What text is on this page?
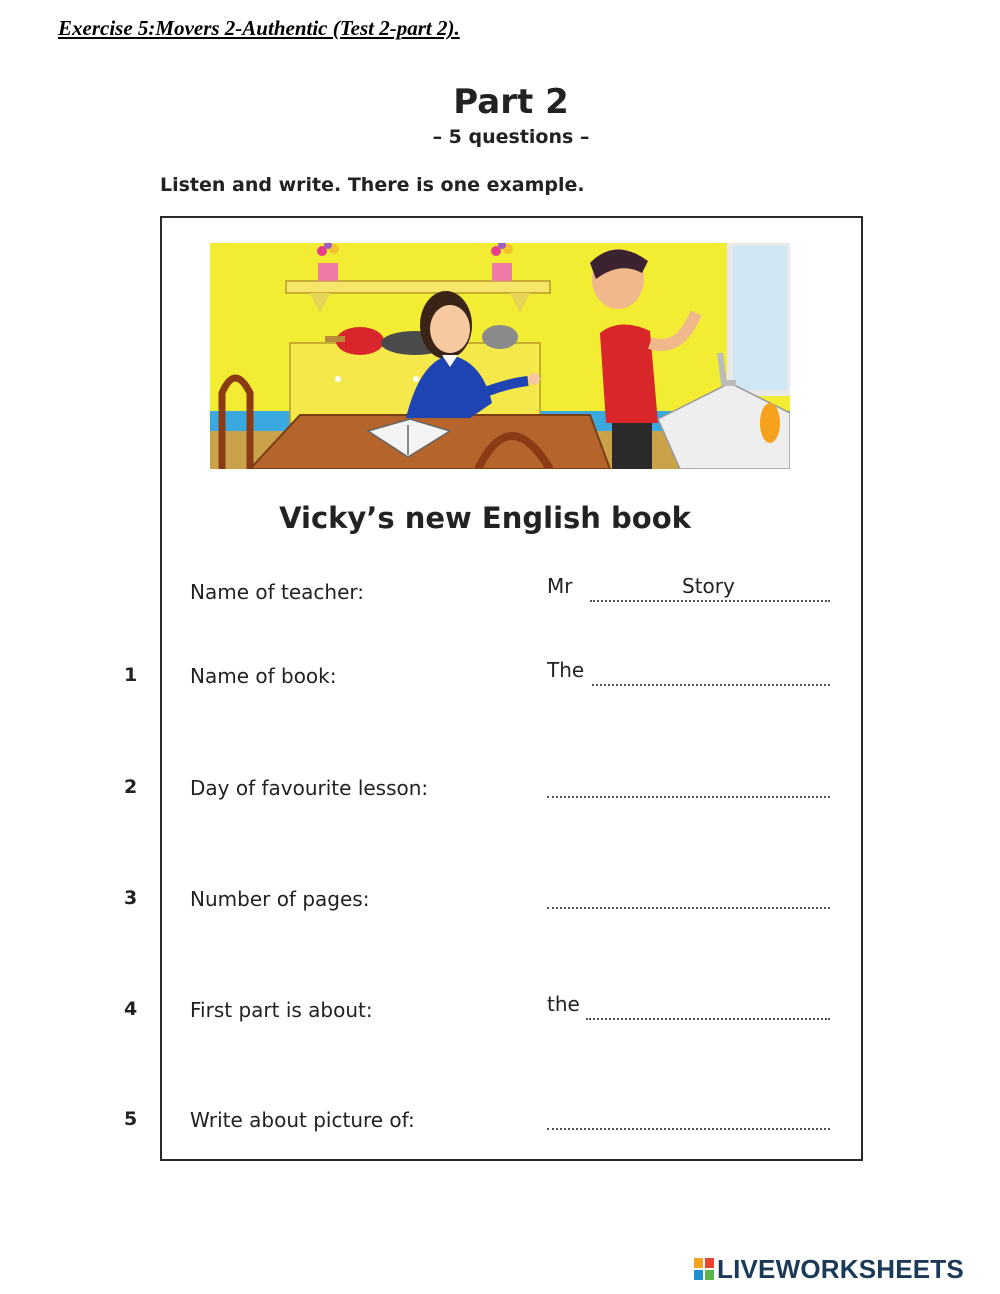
Exercise 5:Movers 2-Authentic (Test 2-part 2).
Part 2
– 5 questions –
Listen and write. There is one example.
Vicky’s new English book
Name of teacher:	Mr	Story
1	Name of book:	The
2	Day of favourite lesson:
3	Number of pages:
4	First part is about:	the
5	Write about picture of:
LIVEWORKSHEETS
